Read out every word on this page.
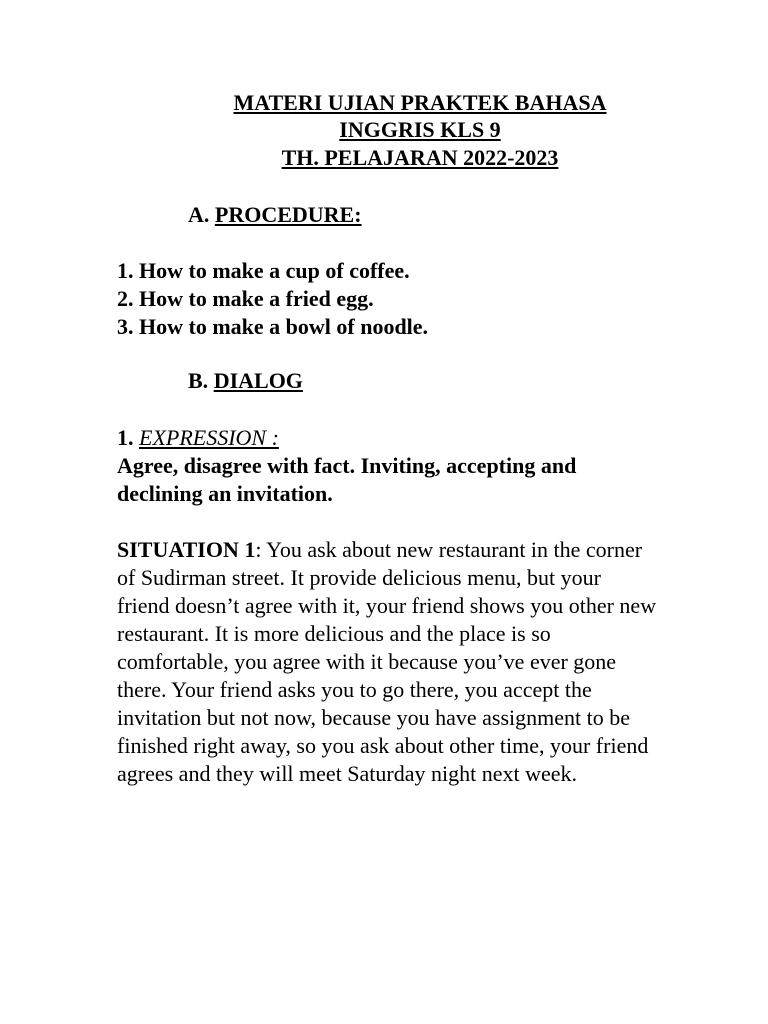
MATERI UJIAN PRAKTEK BAHASA
INGGRIS KLS 9
TH. PELAJARAN 2022-2023
A. PROCEDURE:
1. How to make a cup of coffee.
2. How to make a fried egg.
3. How to make a bowl of noodle.
B. DIALOG
1. EXPRESSION :

Agree, disagree with fact. Inviting, accepting and declining an invitation.

SITUATION 1: You ask about new restaurant in the corner of Sudirman street. It provide delicious menu, but your friend doesn’t agree with it, your friend shows you other new restaurant. It is more delicious and the place is so comfortable, you agree with it because you’ve ever gone there. Your friend asks you to go there, you accept the invitation but not now, because you have assignment to be finished right away, so you ask about other time, your friend agrees and they will meet Saturday night next week.
